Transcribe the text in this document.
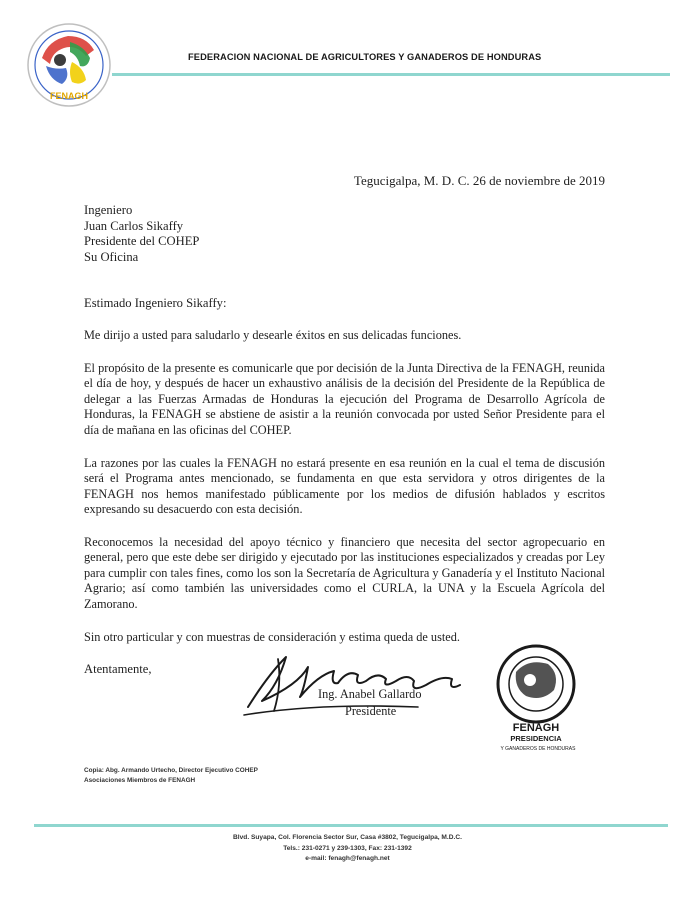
FENAGH
FEDERACION NACIONAL DE AGRICULTORES Y GANADEROS DE HONDURAS
Tegucigalpa, M. D. C. 26 de noviembre de 2019
Ingeniero
Juan Carlos Sikaffy
Presidente del COHEP
Su Oficina
Estimado Ingeniero Sikaffy:

Me dirijo a usted para saludarlo y desearle éxitos en sus delicadas funciones.

El propósito de la presente es comunicarle que por decisión de la Junta Directiva de la FENAGH, reunida el día de hoy, y después de hacer un exhaustivo análisis de la decisión del Presidente de la República de delegar a las Fuerzas Armadas de Honduras la ejecución del Programa de Desarrollo Agrícola de Honduras, la FENAGH se abstiene de asistir a la reunión convocada por usted Señor Presidente para el día de mañana en las oficinas del COHEP.

La razones por las cuales la FENAGH no estará presente en esa reunión en la cual el tema de discusión será el Programa antes mencionado, se fundamenta en que esta servidora y otros dirigentes de la FENAGH nos hemos manifestado públicamente por los medios de difusión hablados y escritos expresando su desacuerdo con esta decisión.

Reconocemos la necesidad del apoyo técnico y financiero que necesita del sector agropecuario en general, pero que este debe ser dirigido y ejecutado por las instituciones especializados y creadas por Ley para cumplir con tales fines, como los son la Secretaría de Agricultura y Ganadería y el Instituto Nacional Agrario; así como también las universidades como el CURLA, la UNA y la Escuela Agrícola del Zamorano.

Sin otro particular y con muestras de consideración y estima queda de usted.

Atentamente,
Ing. Anabel Gallardo
Presidente
FENAGH
PRESIDENCIA
Y GANADEROS DE HONDURAS
Copia: Abg. Armando Urtecho, Director Ejecutivo COHEP
Asociaciones Miembros de FENAGH
Blvd. Suyapa, Col. Florencia Sector Sur, Casa #3802, Tegucigalpa, M.D.C.
Tels.: 231-0271 y 239-1303, Fax: 231-1392
e-mail: fenagh@fenagh.net
